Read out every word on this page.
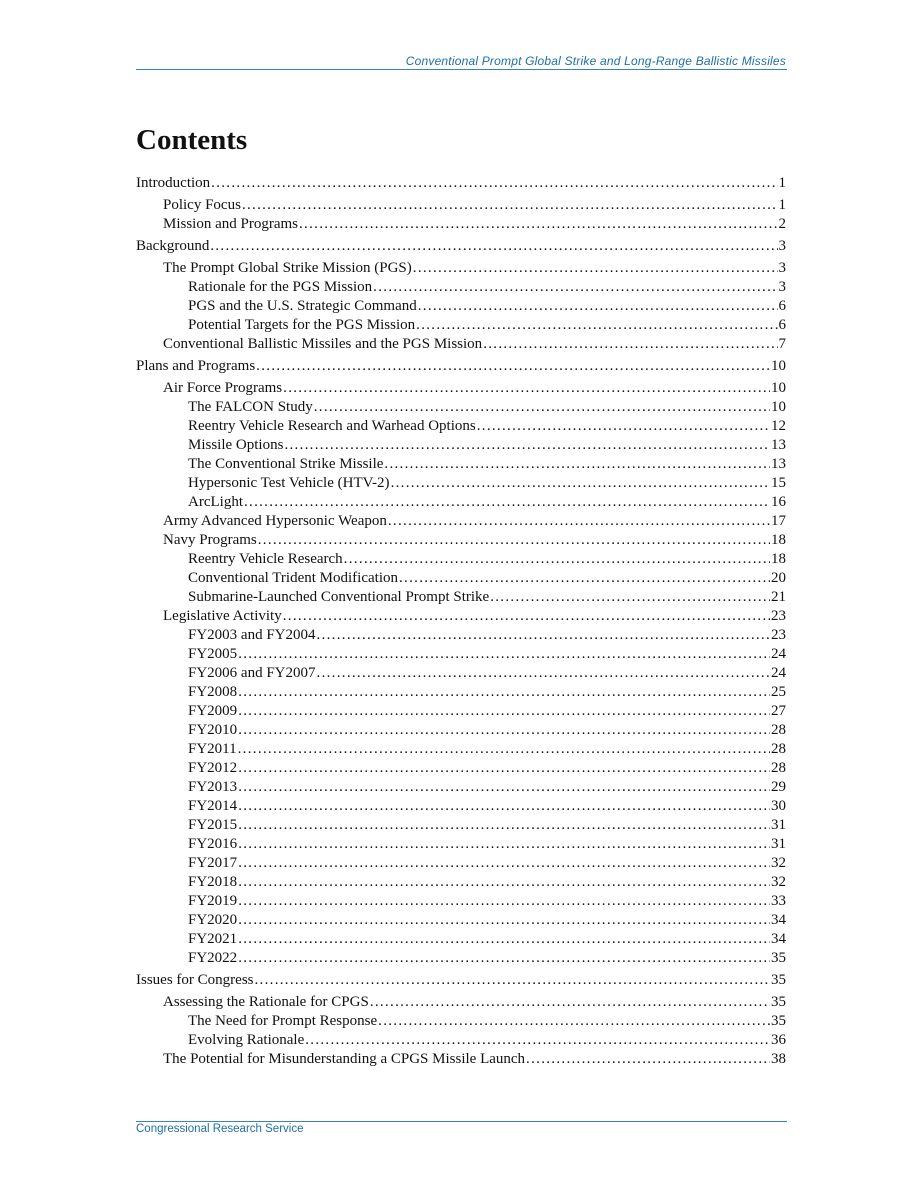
Conventional Prompt Global Strike and Long-Range Ballistic Missiles
Contents
Introduction .....	1
Policy Focus .....	1
Mission and Programs .....	2
Background .....	3
The Prompt Global Strike Mission (PGS) .....	3
Rationale for the PGS Mission .....	3
PGS and the U.S. Strategic Command .....	6
Potential Targets for the PGS Mission .....	6
Conventional Ballistic Missiles and the PGS Mission .....	7
Plans and Programs .....	10
Air Force Programs .....	10
The FALCON Study .....	10
Reentry Vehicle Research and Warhead Options .....	12
Missile Options .....	13
The Conventional Strike Missile .....	13
Hypersonic Test Vehicle (HTV-2) .....	15
ArcLight .....	16
Army Advanced Hypersonic Weapon .....	17
Navy Programs .....	18
Reentry Vehicle Research .....	18
Conventional Trident Modification .....	20
Submarine-Launched Conventional Prompt Strike .....	21
Legislative Activity .....	23
FY2003 and FY2004 .....	23
FY2005 .....	24
FY2006 and FY2007 .....	24
FY2008 .....	25
FY2009 .....	27
FY2010 .....	28
FY2011 .....	28
FY2012 .....	28
FY2013 .....	29
FY2014 .....	30
FY2015 .....	31
FY2016 .....	31
FY2017 .....	32
FY2018 .....	32
FY2019 .....	33
FY2020 .....	34
FY2021 .....	34
FY2022 .....	35
Issues for Congress .....	35
Assessing the Rationale for CPGS .....	35
The Need for Prompt Response .....	35
Evolving Rationale .....	36
The Potential for Misunderstanding a CPGS Missile Launch .....	38
Congressional Research Service
